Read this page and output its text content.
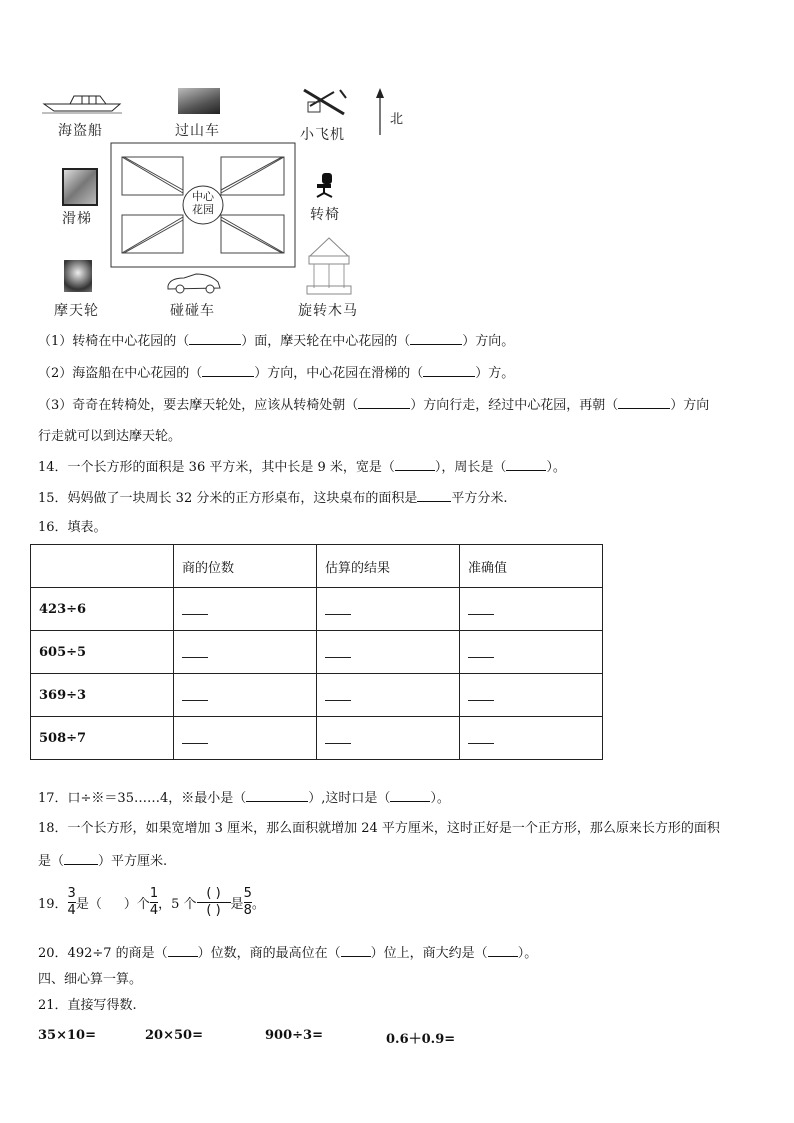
海盗船	过山车	小飞机
北
中心
花园
滑梯	转椅
摩天轮	碰碰车	旋转木马
（1）转椅在中心花园的（	）面，摩天轮在中心花园的（	）方向。
（2）海盗船在中心花园的（	）方向，中心花园在滑梯的（	）方。
（3）奇奇在转椅处，要去摩天轮处，应该从转椅处朝（	）方向行走，经过中心花园，再朝（	）方向
行走就可以到达摩天轮。
14．一个长方形的面积是 36 平方米，其中长是 9 米，宽是（	），周长是（	）。
15．妈妈做了一块周长 32 分米的正方形桌布，这块桌布的面积是	平方分米.
16．填表。
	商的位数	估算的结果	准确值
423÷6			
605÷5			
369÷3			
508÷7			
17．口÷※＝35……4，※最小是（	）,这时口是（	）。
18．一个长方形，如果宽增加 3 厘米，那么面积就增加 24 平方厘米，这时正好是一个正方形，那么原来长方形的面积
是（	）平方厘米.
19． $\frac{3}{4}$ 是（ ）个 $\frac{1}{4}$ ，5 个 $\frac{( )}{( )}$ 是 $\frac{5}{8}$ 。
20．492÷7 的商是（ ）位数，商的最高位在（ ）位上，商大约是（ ）。
四、细心算一算。
21．直接写得数.
35×10=	20×50=	900÷3=	0.6＋0.9=
